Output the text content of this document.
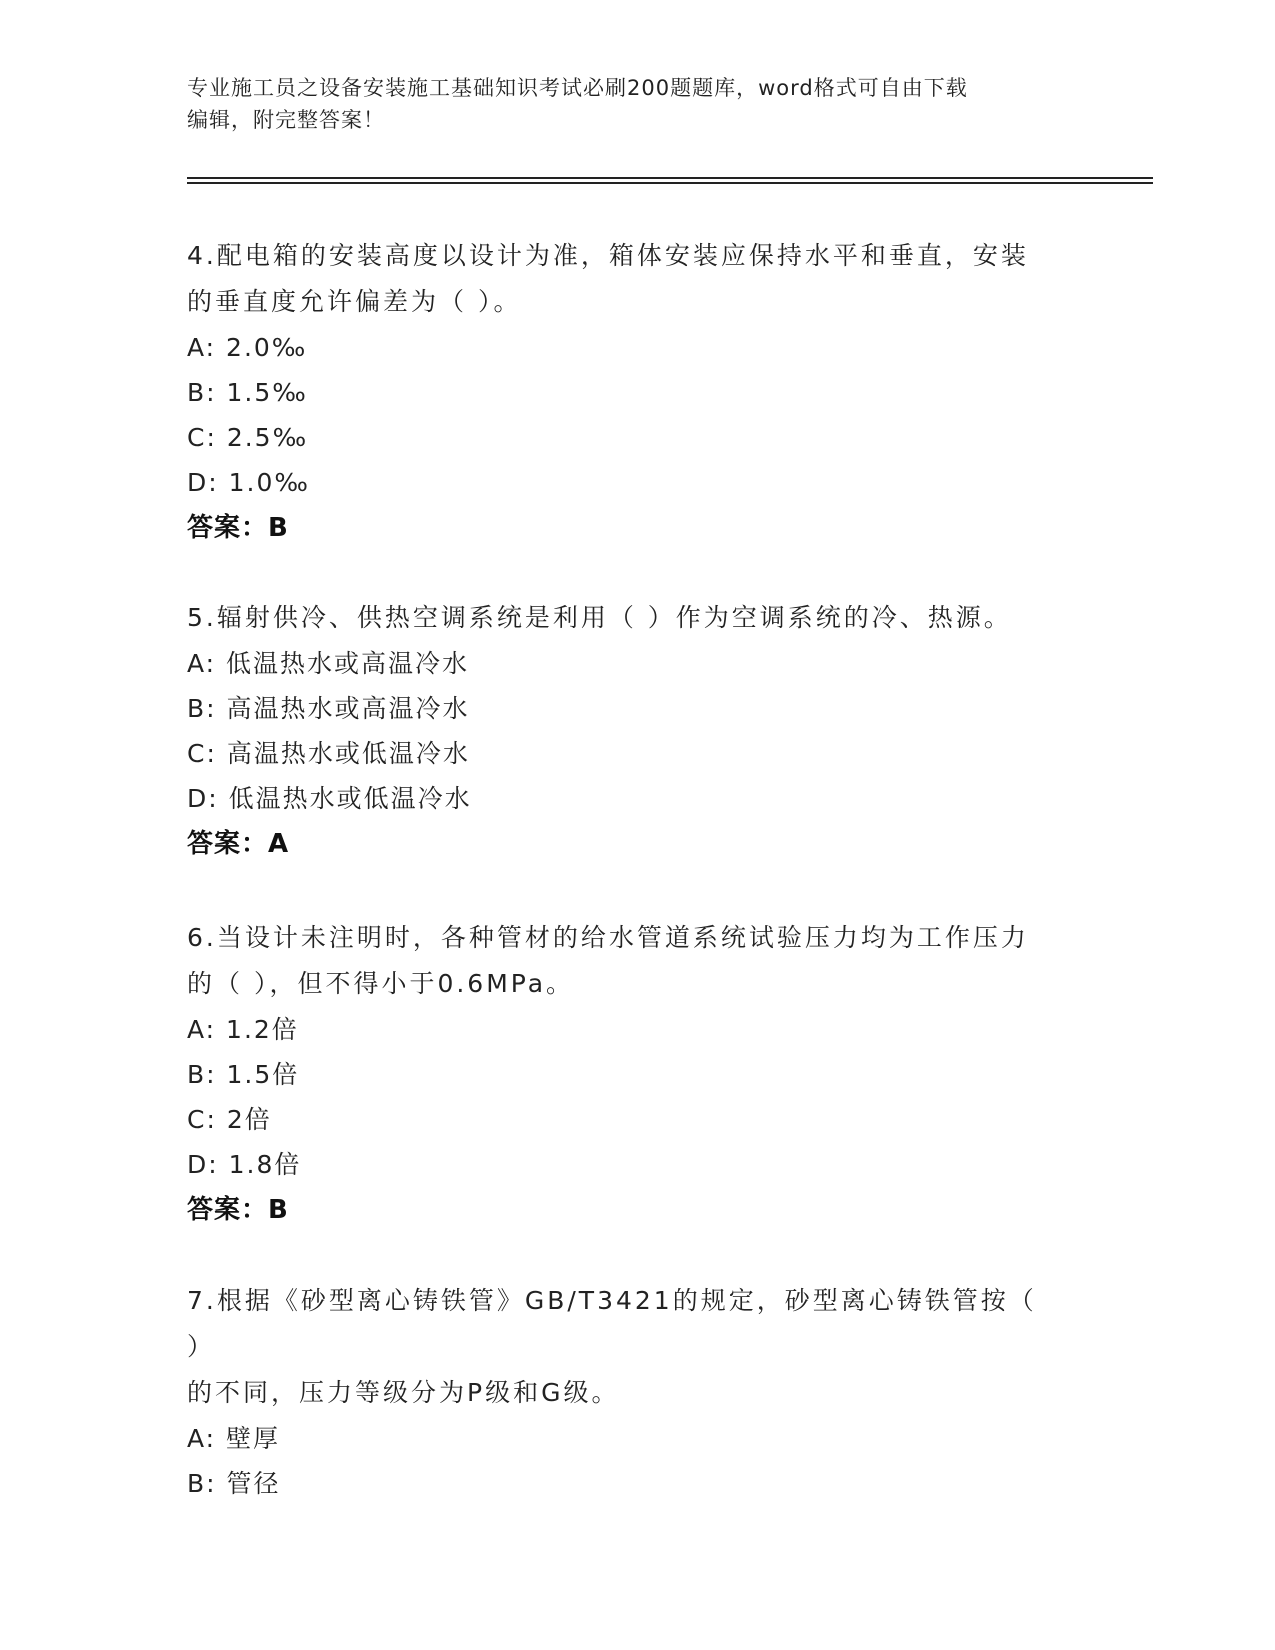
专业施工员之设备安装施工基础知识考试必刷200题题库，word格式可自由下载
编辑，附完整答案！

4.配电箱的安装高度以设计为准，箱体安装应保持水平和垂直，安装
的垂直度允许偏差为（ ）。

A: 2.0‰

B: 1.5‰

C: 2.5‰

D: 1.0‰

答案：B

5.辐射供冷、供热空调系统是利用（ ）作为空调系统的冷、热源。

A: 低温热水或高温冷水

B: 高温热水或高温冷水

C: 高温热水或低温冷水

D: 低温热水或低温冷水

答案：A

6.当设计未注明时，各种管材的给水管道系统试验压力均为工作压力
的（ ），但不得小于0.6MPa。

A: 1.2倍

B: 1.5倍

C: 2倍

D: 1.8倍

答案：B

7.根据《砂型离心铸铁管》GB/T3421的规定，砂型离心铸铁管按（ ）
的不同，压力等级分为P级和G级。

A: 壁厚

B: 管径
